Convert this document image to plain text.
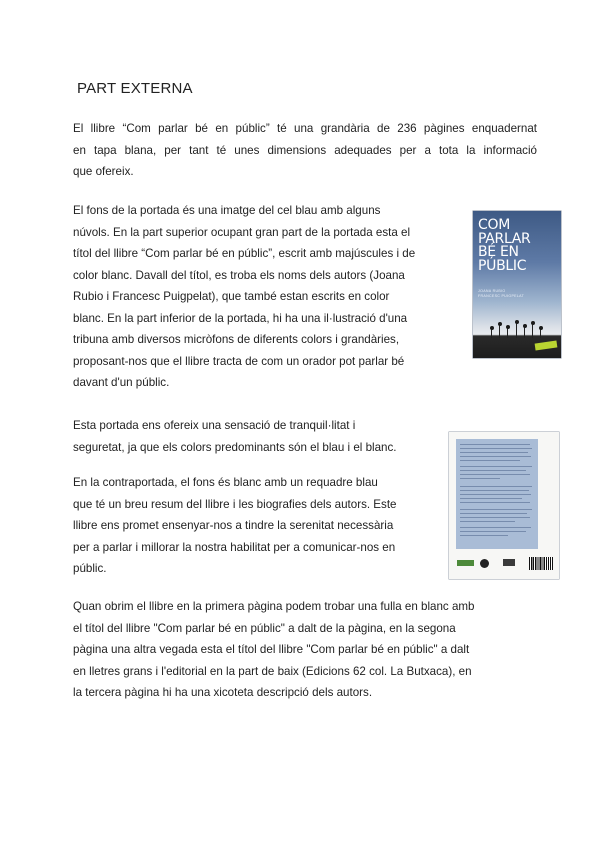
PART EXTERNA
El llibre “Com parlar bé en públic” té una grandària de 236 pàgines enquadernat
en tapa blana, per tant té unes dimensions adequades per a tota la informació
que ofereix.
El fons de la portada és una imatge del cel blau amb alguns
núvols. En la part superior ocupant gran part de la portada esta el
títol del llibre “Com parlar bé en públic”, escrit amb majúscules i de
color blanc. Davall del títol, es troba els noms dels autors (Joana
Rubio i Francesc Puigpelat), que també estan escrits en color
blanc. En la part inferior de la portada, hi ha una il·lustració d'una
tribuna amb diversos micròfons de diferents colors i grandàries,
proposant-nos que el llibre tracta de com un orador pot parlar bé
davant d'un públic.
Esta portada ens ofereix una sensació de tranquil·litat i
seguretat, ja que els colors predominants són el blau i el blanc.
En la contraportada, el fons és blanc amb un requadre blau
que té un breu resum del llibre i les biografies dels autors. Este
llibre ens promet ensenyar-nos a tindre la serenitat necessària
per a parlar i millorar la nostra habilitat per a comunicar-nos en
públic.
Quan obrim el llibre en la primera pàgina podem trobar una fulla en blanc amb
el títol del llibre "Com parlar bé en públic" a dalt de la pàgina, en la segona
pàgina una altra vegada esta el títol del llibre "Com parlar bé en públic" a dalt
en lletres grans i l'editorial en la part de baix (Edicions 62 col. La Butxaca), en
la tercera pàgina hi ha una xicoteta descripció dels autors.
COM
PARLAR
BÉ EN
PÚBLIC
JOANA RUBIO
FRANCESC PUIGPELAT
